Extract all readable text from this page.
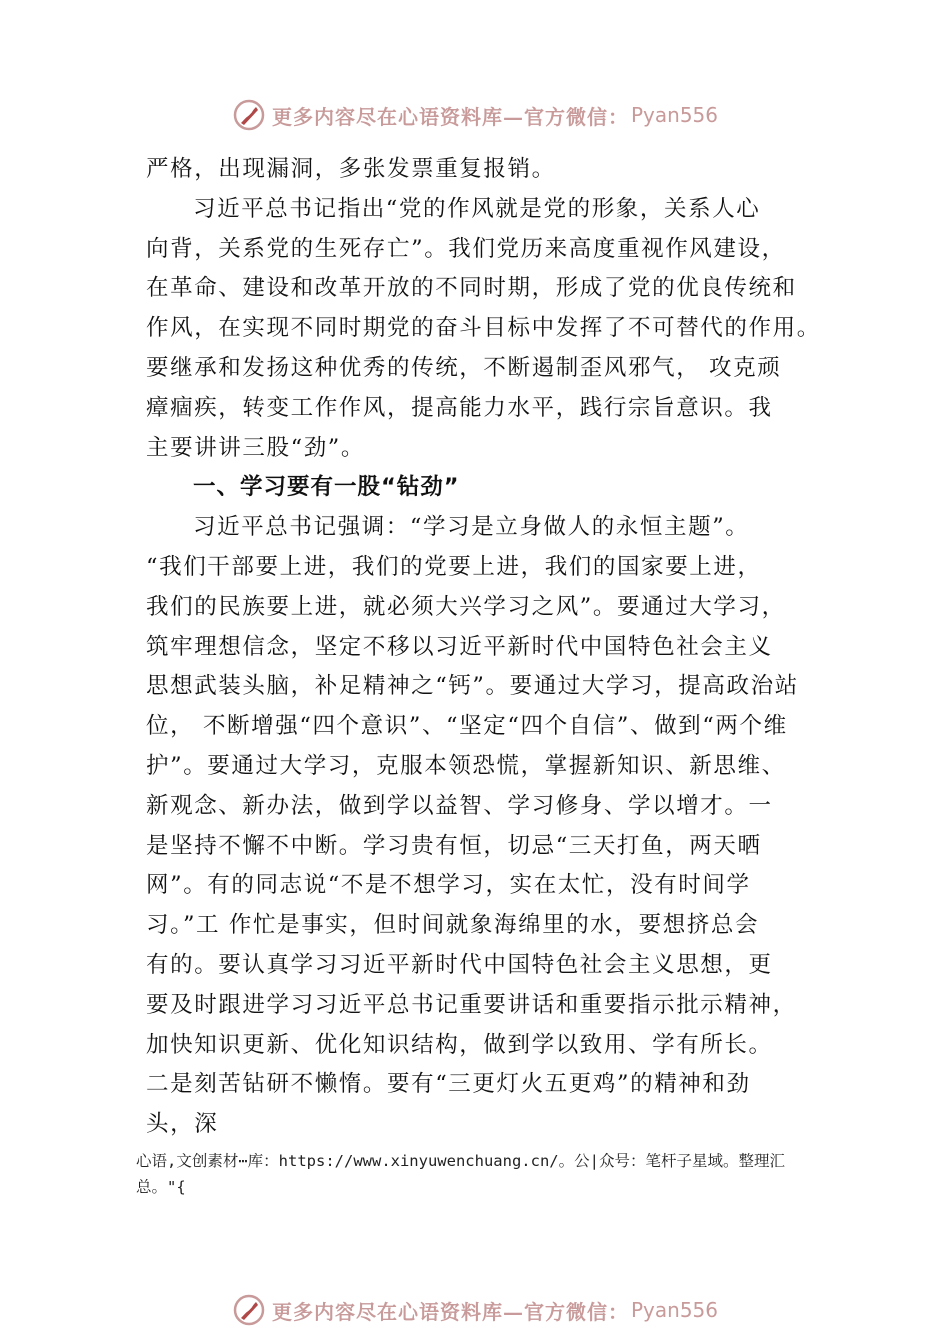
更多内容尽在心语资料库—官方微信： Pyan556
严格，出现漏洞，多张发票重复报销。
习近平总书记指出“党的作风就是党的形象，关系人心
向背，关系党的生死存亡”。我们党历来高度重视作风建设，
在革命、建设和改革开放的不同时期，形成了党的优良传统和
作风，在实现不同时期党的奋斗目标中发挥了不可替代的作用。
要继承和发扬这种优秀的传统，不断遏制歪风邪气， 攻克顽
瘴痼疾，转变工作作风，提高能力水平，践行宗旨意识。我
主要讲讲三股“劲”。
一、学习要有一股“钻劲”
习近平总书记强调：“学习是立身做人的永恒主题”。
“我们干部要上进，我们的党要上进，我们的国家要上进，
我们的民族要上进，就必须大兴学习之风”。要通过大学习，
筑牢理想信念，坚定不移以习近平新时代中国特色社会主义
思想武装头脑，补足精神之“钙”。要通过大学习，提高政治站
位， 不断增强“四个意识”、“坚定“四个自信”、做到“两个维
护”。要通过大学习，克服本领恐慌，掌握新知识、新思维、
新观念、新办法，做到学以益智、学习修身、学以增才。一
是坚持不懈不中断。学习贵有恒，切忌“三天打鱼，两天晒
网”。有的同志说“不是不想学习，实在太忙，没有时间学
习。”工 作忙是事实，但时间就象海绵里的水，要想挤总会
有的。要认真学习习近平新时代中国特色社会主义思想，更
要及时跟进学习习近平总书记重要讲话和重要指示批示精神，
加快知识更新、优化知识结构，做到学以致用、学有所长。
二是刻苦钻研不懒惰。要有“三更灯火五更鸡”的精神和劲
头，深
心语,文创素材⋯库：https://www.xinyuwenchuang.cn/。公|众号：笔杆子星域。整理汇
总。"{
更多内容尽在心语资料库—官方微信： Pyan556
